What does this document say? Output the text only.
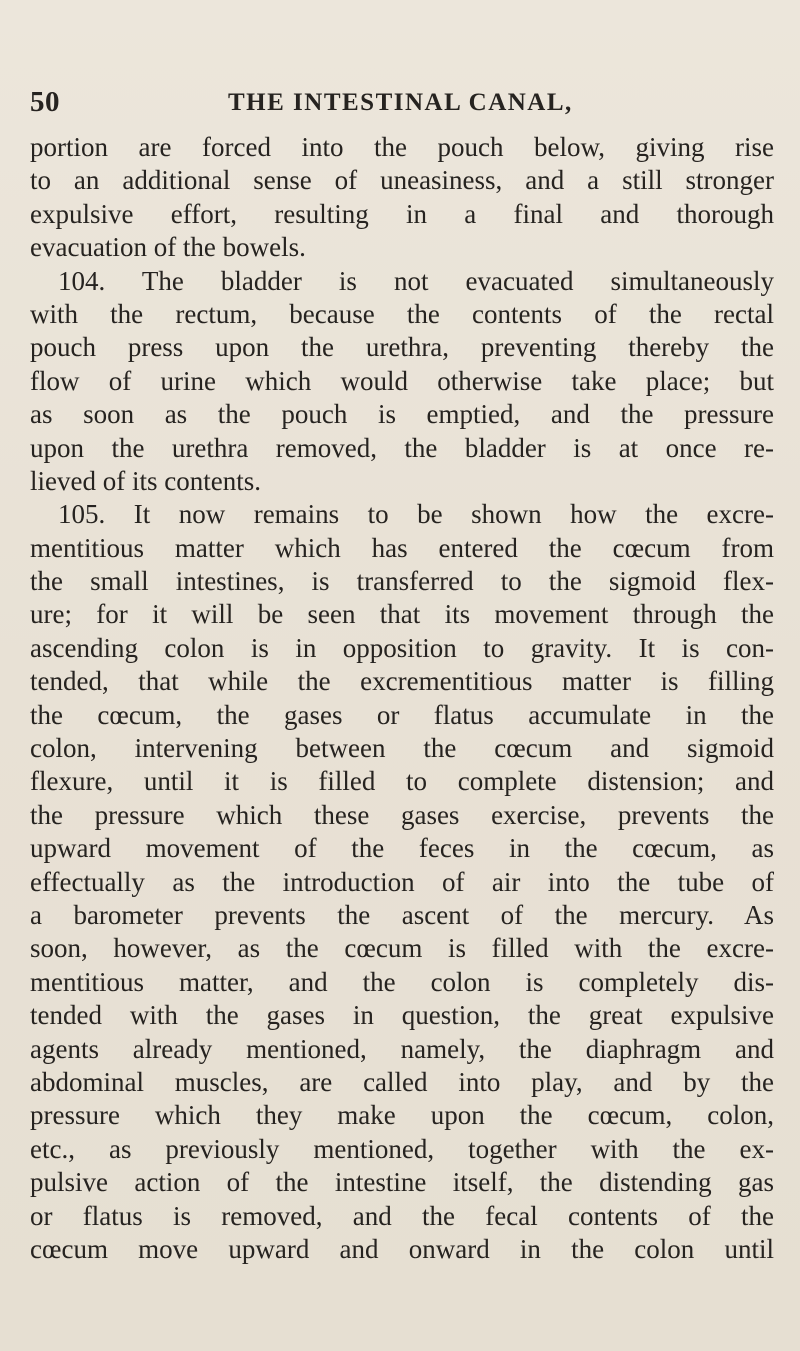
50	THE INTESTINAL CANAL,
portion are forced into the pouch below, giving rise
to an additional sense of uneasiness, and a still stronger
expulsive effort, resulting in a final and thorough
evacuation of the bowels.
104. The bladder is not evacuated simultaneously
with the rectum, because the contents of the rectal
pouch press upon the urethra, preventing thereby the
flow of urine which would otherwise take place; but
as soon as the pouch is emptied, and the pressure
upon the urethra removed, the bladder is at once re-
lieved of its contents.
105. It now remains to be shown how the excre-
mentitious matter which has entered the cœcum from
the small intestines, is transferred to the sigmoid flex-
ure; for it will be seen that its movement through the
ascending colon is in opposition to gravity. It is con-
tended, that while the excrementitious matter is filling
the cœcum, the gases or flatus accumulate in the
colon, intervening between the cœcum and sigmoid
flexure, until it is filled to complete distension; and
the pressure which these gases exercise, prevents the
upward movement of the feces in the cœcum, as
effectually as the introduction of air into the tube of
a barometer prevents the ascent of the mercury. As
soon, however, as the cœcum is filled with the excre-
mentitious matter, and the colon is completely dis-
tended with the gases in question, the great expulsive
agents already mentioned, namely, the diaphragm and
abdominal muscles, are called into play, and by the
pressure which they make upon the cœcum, colon,
etc., as previously mentioned, together with the ex-
pulsive action of the intestine itself, the distending gas
or flatus is removed, and the fecal contents of the
cœcum move upward and onward in the colon until
